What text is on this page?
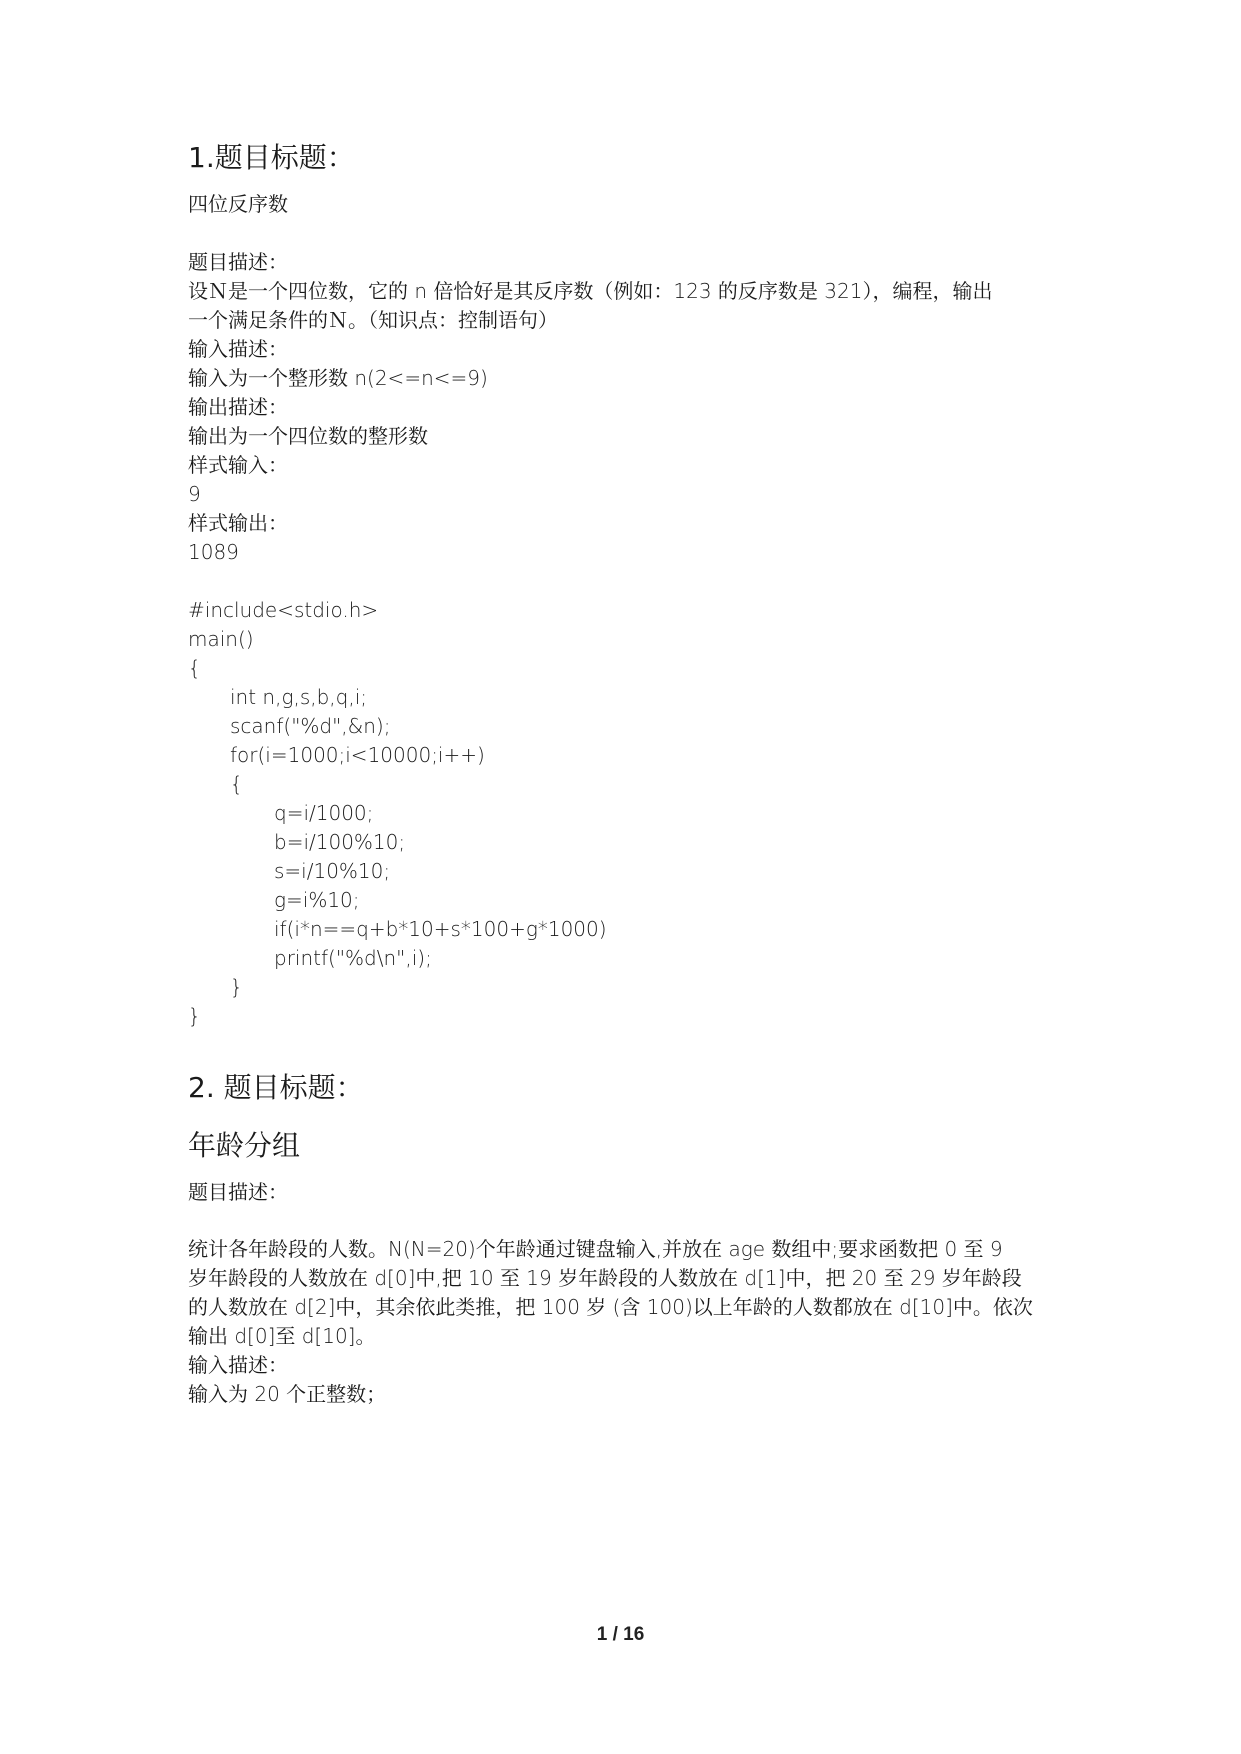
1.题目标题：
四位反序数
题目描述：
设Ｎ是一个四位数，它的 n 倍恰好是其反序数（例如：123 的反序数是 321），编程，输出
一个满足条件的Ｎ。（知识点：控制语句）
输入描述：
输入为一个整形数 n(2<=n<=9)
输出描述：
输出为一个四位数的整形数
样式输入：
9
样式输出：
1089
#include<stdio.h>
main()
{
int n,g,s,b,q,i;
scanf("%d",&n);
for(i=1000;i<10000;i++)
{
q=i/1000;
b=i/100%10;
s=i/10%10;
g=i%10;
if(i*n==q+b*10+s*100+g*1000)
printf("%d\n",i);
}
}
2. 题目标题：
年龄分组
题目描述：
统计各年龄段的人数。N(N=20)个年龄通过键盘输入,并放在 age 数组中;要求函数把 0 至 9
岁年龄段的人数放在 d[0]中,把 10 至 19 岁年龄段的人数放在 d[1]中，把 20 至 29 岁年龄段
的人数放在 d[2]中，其余依此类推，把 100 岁 (含 100)以上年龄的人数都放在 d[10]中。依次
输出 d[0]至 d[10]。
输入描述：
输入为 20 个正整数；
1 / 16
